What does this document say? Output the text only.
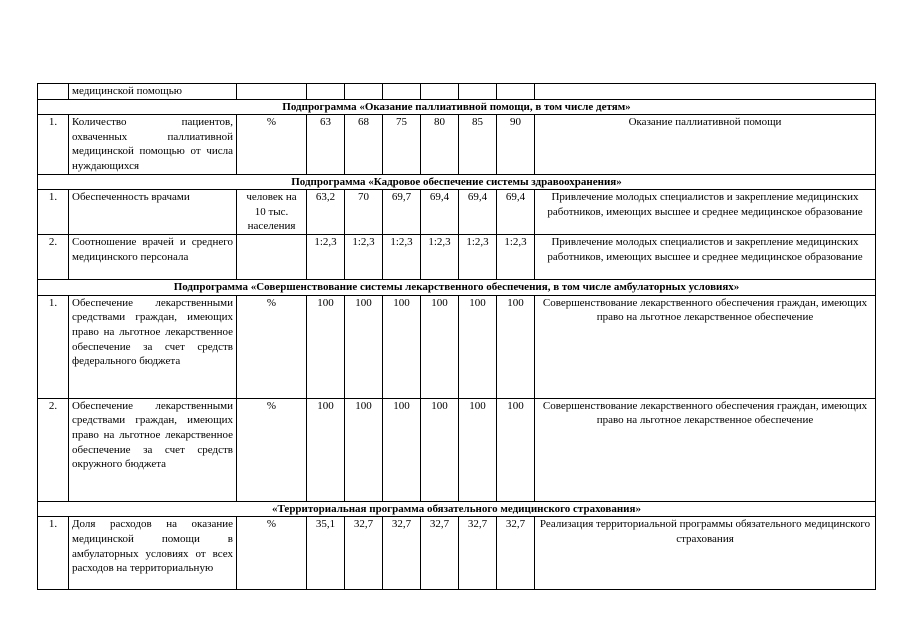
	медицинской помощью								
Подпрограмма «Оказание паллиативной помощи, в том числе детям»									
1.	Количество пациентов, охваченных паллиативной медицинской помощью от числа нуждающихся	%	63	68	75	80	85	90	Оказание паллиативной помощи
Подпрограмма «Кадровое обеспечение системы здравоохранения»									
1.	Обеспеченность врачами	человек на 10 тыс. населения	63,2	70	69,7	69,4	69,4	69,4	Привлечение молодых специалистов и закрепление медицинских работников, имеющих высшее и среднее медицинское образование
2.	Соотношение врачей и среднего медицинского персонала		1:2,3	1:2,3	1:2,3	1:2,3	1:2,3	1:2,3	Привлечение молодых специалистов и закрепление медицинских работников, имеющих высшее и среднее медицинское образование
Подпрограмма «Совершенствование системы лекарственного обеспечения, в том числе амбулаторных условиях»									
1.	Обеспечение лекарственными средствами граждан, имеющих право на льготное лекарственное обеспечение за счет средств федерального бюджета	%	100	100	100	100	100	100	Совершенствование лекарственного обеспечения граждан, имеющих право на льготное лекарственное обеспечение
2.	Обеспечение лекарственными средствами граждан, имеющих право на льготное лекарственное обеспечение за счет средств окружного бюджета	%	100	100	100	100	100	100	Совершенствование лекарственного обеспечения граждан, имеющих право на льготное лекарственное обеспечение
«Территориальная программа обязательного медицинского страхования»									
1.	Доля расходов на оказание медицинской помощи в амбулаторных условиях от всех расходов на территориальную	%	35,1	32,7	32,7	32,7	32,7	32,7	Реализация территориальной программы обязательного медицинского страхования
